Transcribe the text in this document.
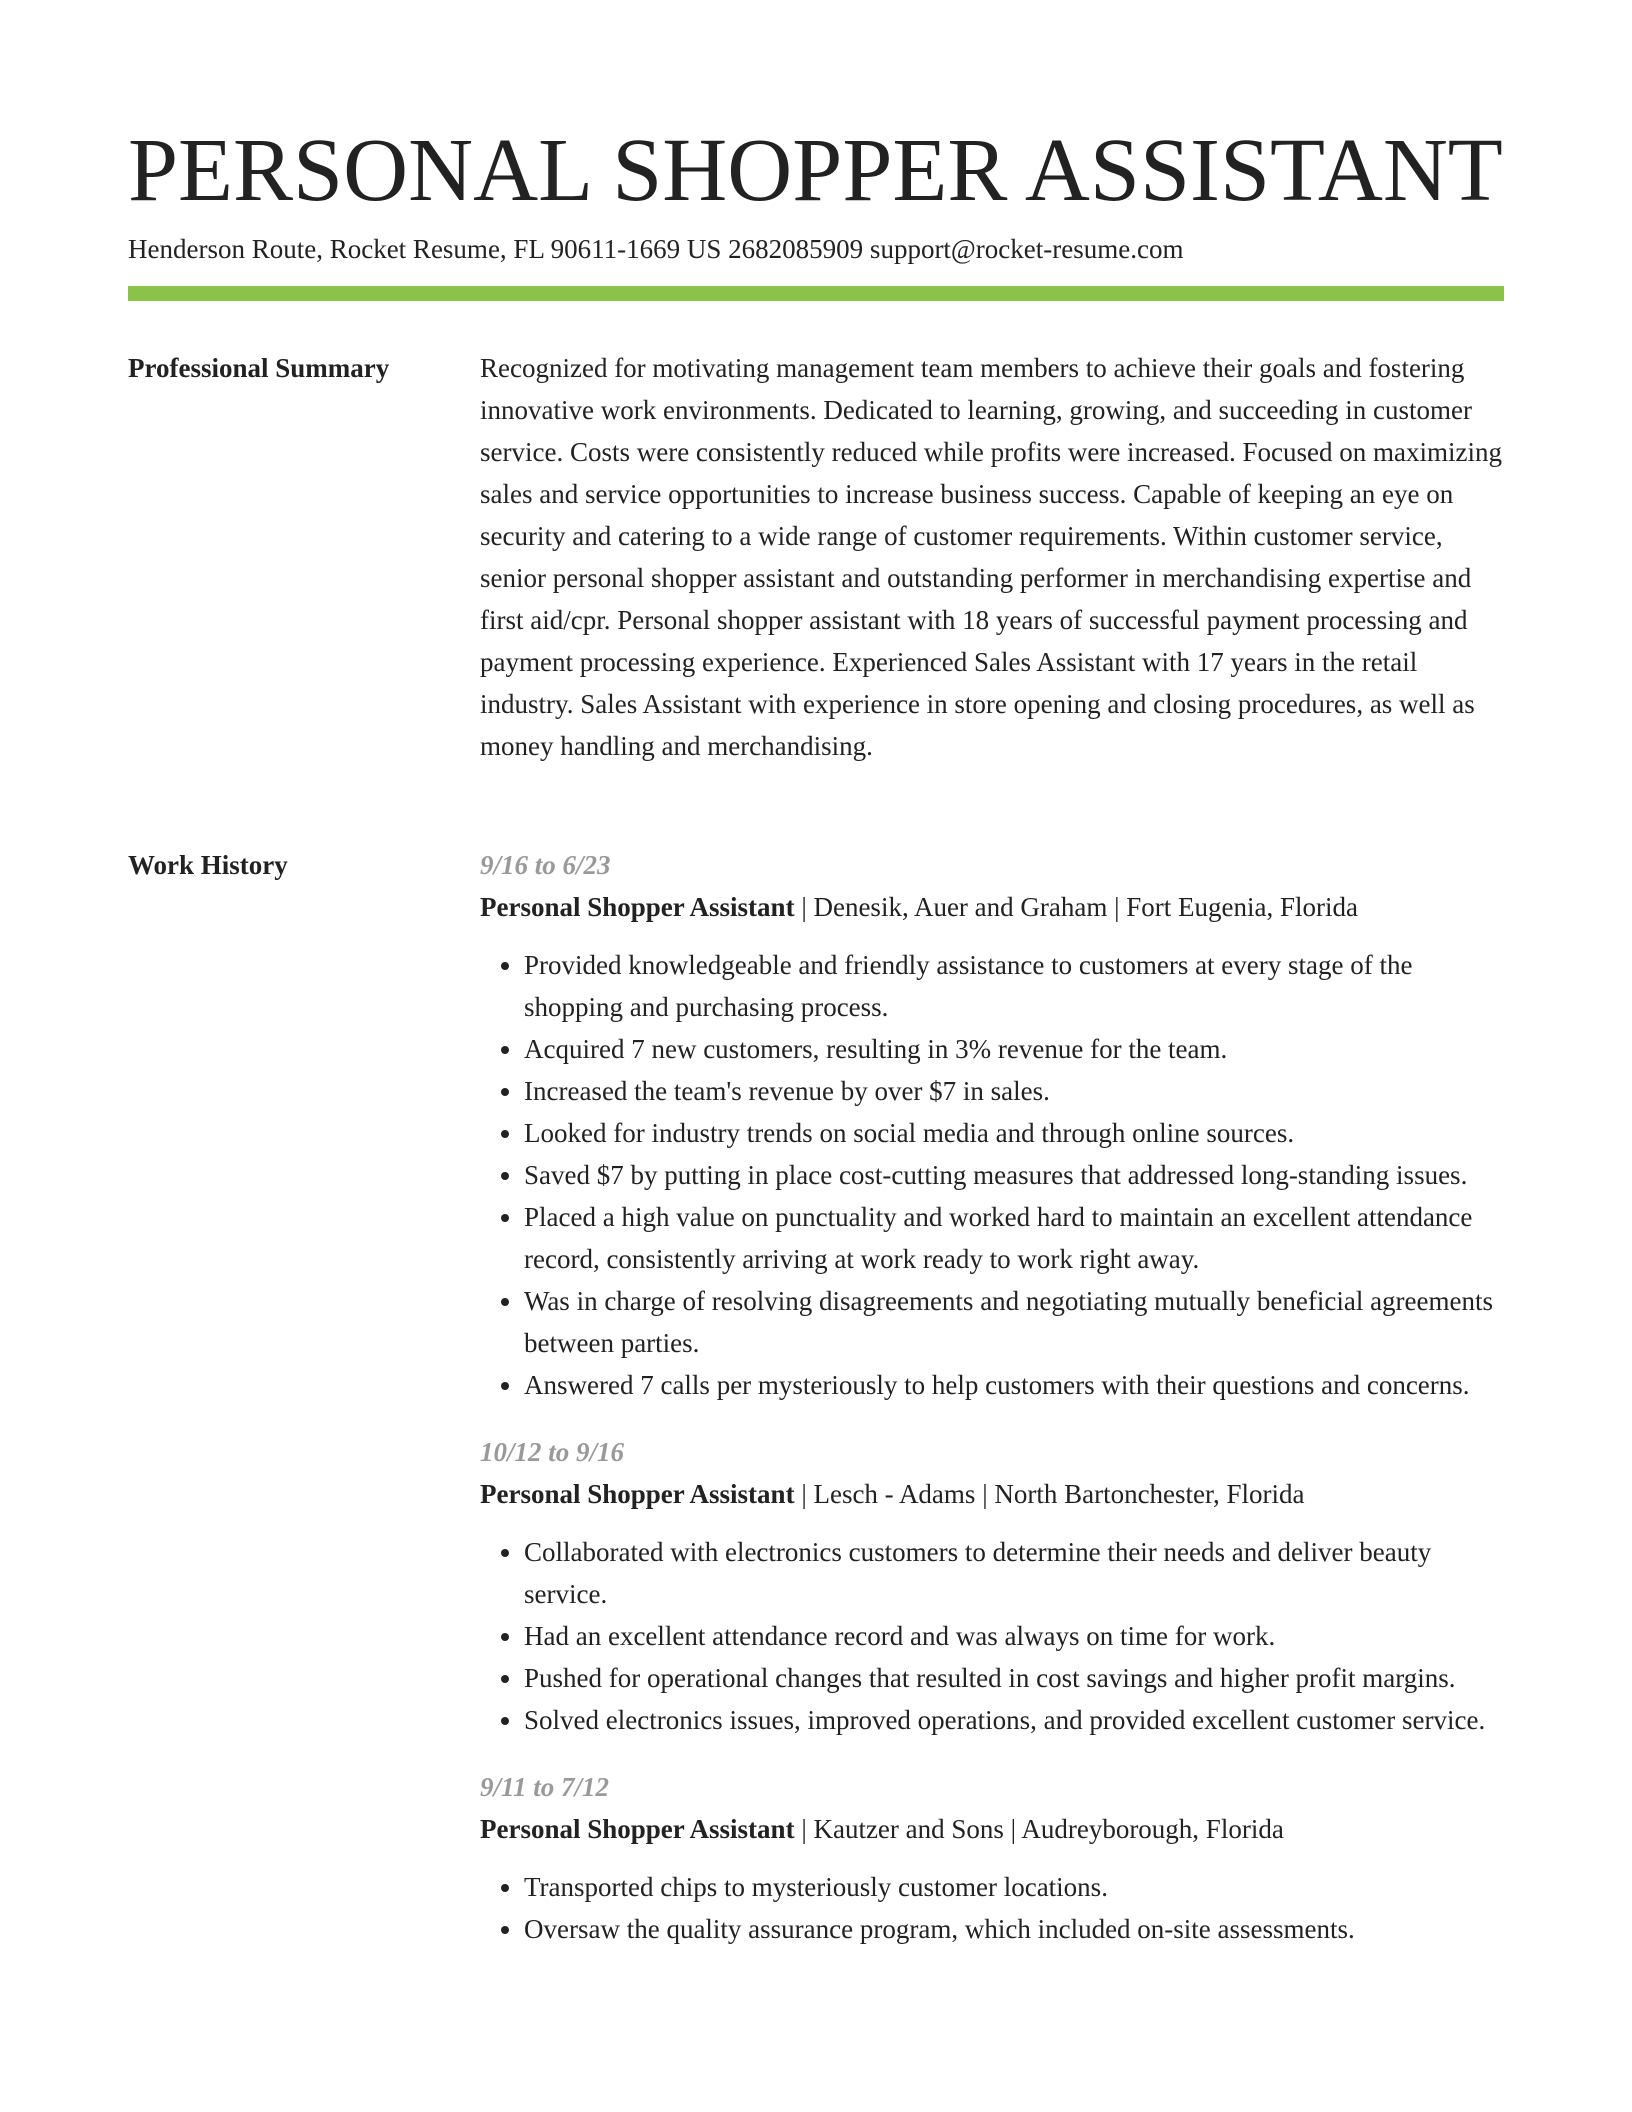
PERSONAL SHOPPER ASSISTANT
Henderson Route, Rocket Resume, FL 90611-1669 US 2682085909 support@rocket-resume.com
Professional Summary	Recognized for motivating management team members to achieve their goals and fostering innovative work environments. Dedicated to learning, growing, and succeeding in customer service. Costs were consistently reduced while profits were increased. Focused on maximizing sales and service opportunities to increase business success. Capable of keeping an eye on security and catering to a wide range of customer requirements. Within customer service, senior personal shopper assistant and outstanding performer in merchandising expertise and first aid/cpr. Personal shopper assistant with 18 years of successful payment processing and payment processing experience. Experienced Sales Assistant with 17 years in the retail industry. Sales Assistant with experience in store opening and closing procedures, as well as money handling and merchandising.

Work History	9/16 to 6/23
Personal Shopper Assistant | Denesik, Auer and Graham | Fort Eugenia, Florida
• Provided knowledgeable and friendly assistance to customers at every stage of the shopping and purchasing process.
• Acquired 7 new customers, resulting in 3% revenue for the team.
• Increased the team's revenue by over $7 in sales.
• Looked for industry trends on social media and through online sources.
• Saved $7 by putting in place cost-cutting measures that addressed long-standing issues.
• Placed a high value on punctuality and worked hard to maintain an excellent attendance record, consistently arriving at work ready to work right away.
• Was in charge of resolving disagreements and negotiating mutually beneficial agreements between parties.
• Answered 7 calls per mysteriously to help customers with their questions and concerns.
10/12 to 9/16
Personal Shopper Assistant | Lesch - Adams | North Bartonchester, Florida
• Collaborated with electronics customers to determine their needs and deliver beauty service.
• Had an excellent attendance record and was always on time for work.
• Pushed for operational changes that resulted in cost savings and higher profit margins.
• Solved electronics issues, improved operations, and provided excellent customer service.
9/11 to 7/12
Personal Shopper Assistant | Kautzer and Sons | Audreyborough, Florida
• Transported chips to mysteriously customer locations.
• Oversaw the quality assurance program, which included on-site assessments.
